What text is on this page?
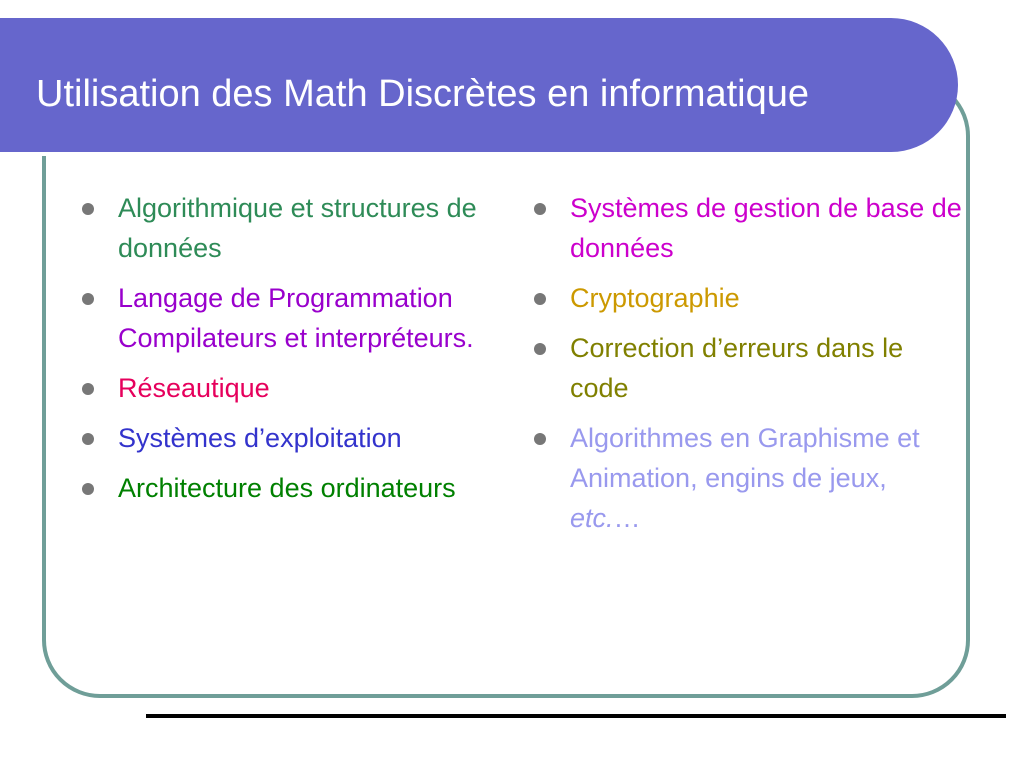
Utilisation des Math Discrètes en informatique
Algorithmique et structures de données
Langage de Programmation Compilateurs et interpréteurs.
Réseautique
Systèmes d’exploitation
Architecture des ordinateurs
Systèmes de gestion de base de données
Cryptographie
Correction d’erreurs dans le code
Algorithmes en Graphisme et Animation, engins de jeux, etc.…
